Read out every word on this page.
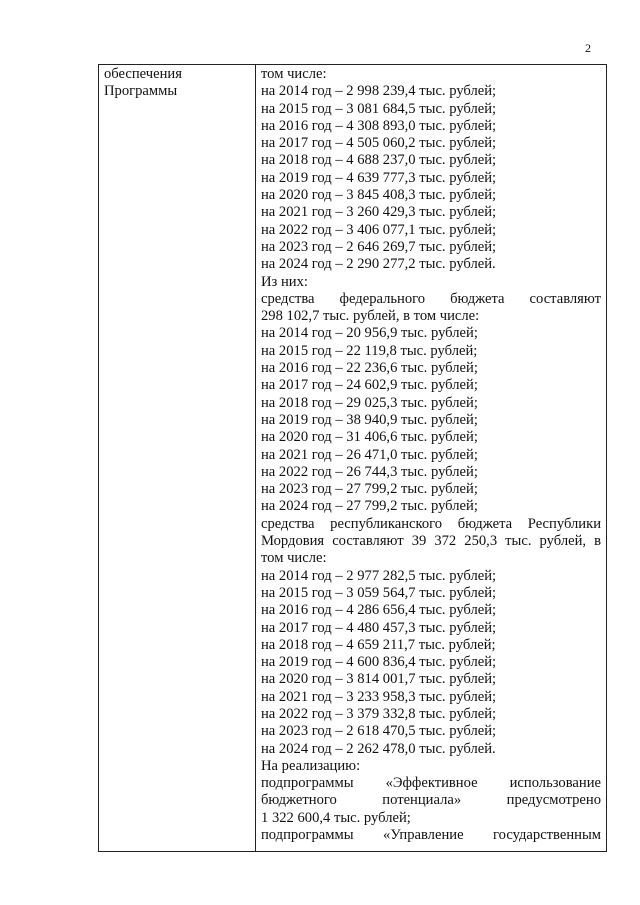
2
обеспечения
Программы

том числе:
на 2014 год – 2 998 239,4 тыс. рублей;
на 2015 год – 3 081 684,5 тыс. рублей;
на 2016 год – 4 308 893,0 тыс. рублей;
на 2017 год – 4 505 060,2 тыс. рублей;
на 2018 год – 4 688 237,0 тыс. рублей;
на 2019 год – 4 639 777,3 тыс. рублей;
на 2020 год – 3 845 408,3 тыс. рублей;
на 2021 год – 3 260 429,3 тыс. рублей;
на 2022 год – 3 406 077,1 тыс. рублей;
на 2023 год – 2 646 269,7 тыс. рублей;
на 2024 год – 2 290 277,2 тыс. рублей.
Из них:
средства федерального бюджета составляют
298 102,7 тыс. рублей, в том числе:
на 2014 год – 20 956,9 тыс. рублей;
на 2015 год – 22 119,8 тыс. рублей;
на 2016 год – 22 236,6 тыс. рублей;
на 2017 год – 24 602,9 тыс. рублей;
на 2018 год – 29 025,3 тыс. рублей;
на 2019 год – 38 940,9 тыс. рублей;
на 2020 год – 31 406,6 тыс. рублей;
на 2021 год – 26 471,0 тыс. рублей;
на 2022 год – 26 744,3 тыс. рублей;
на 2023 год – 27 799,2 тыс. рублей;
на 2024 год – 27 799,2 тыс. рублей;
средства республиканского бюджета Республики
Мордовия составляют 39 372 250,3 тыс. рублей, в
том числе:
на 2014 год – 2 977 282,5 тыс. рублей;
на 2015 год – 3 059 564,7 тыс. рублей;
на 2016 год – 4 286 656,4 тыс. рублей;
на 2017 год – 4 480 457,3 тыс. рублей;
на 2018 год – 4 659 211,7 тыс. рублей;
на 2019 год – 4 600 836,4 тыс. рублей;
на 2020 год – 3 814 001,7 тыс. рублей;
на 2021 год – 3 233 958,3 тыс. рублей;
на 2022 год – 3 379 332,8 тыс. рублей;
на 2023 год – 2 618 470,5 тыс. рублей;
на 2024 год – 2 262 478,0 тыс. рублей.
На реализацию:
подпрограммы «Эффективное использование
бюджетного потенциала» предусмотрено
1 322 600,4 тыс. рублей;
подпрограммы «Управление государственным
